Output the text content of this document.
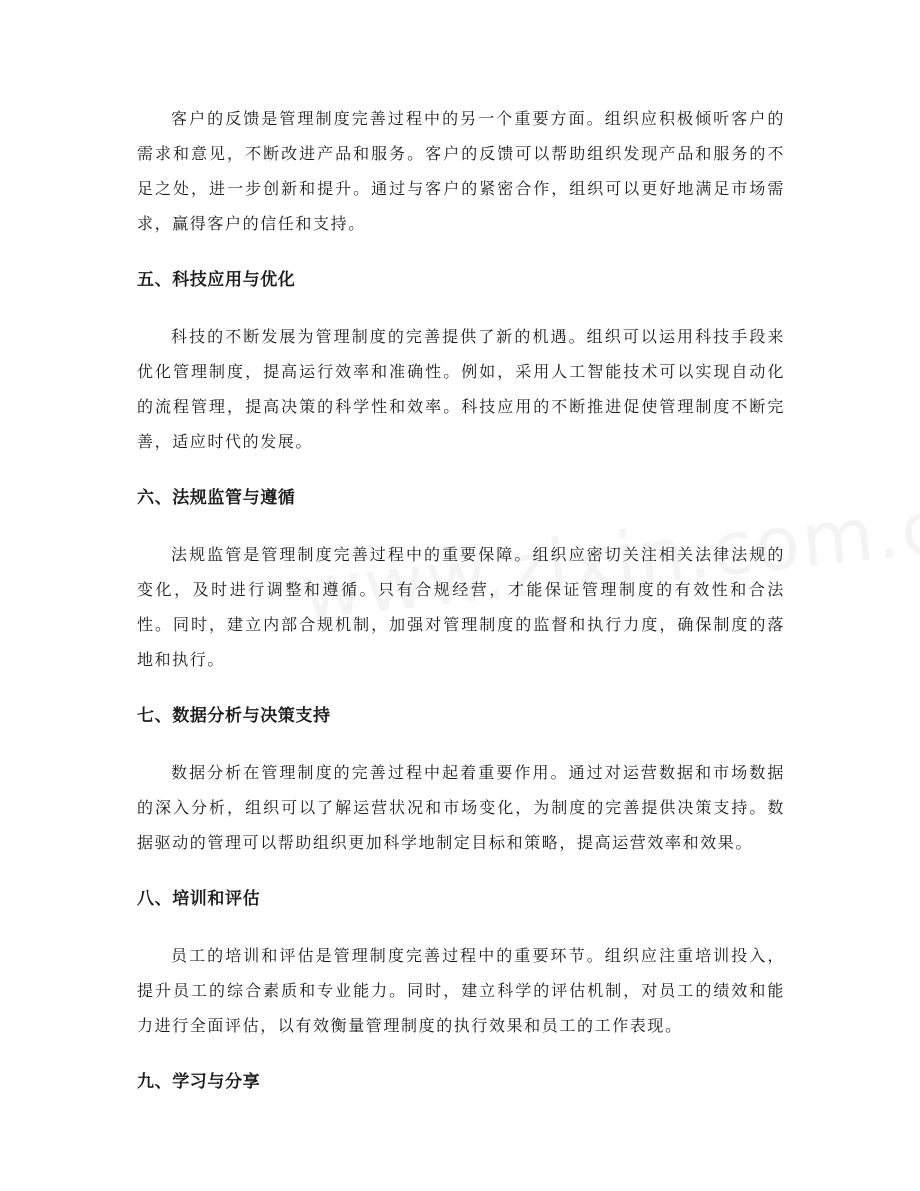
客户的反馈是管理制度完善过程中的另一个重要方面。组织应积极倾听客户的需求和意见，不断改进产品和服务。客户的反馈可以帮助组织发现产品和服务的不足之处，进一步创新和提升。通过与客户的紧密合作，组织可以更好地满足市场需求，赢得客户的信任和支持。

五、科技应用与优化

科技的不断发展为管理制度的完善提供了新的机遇。组织可以运用科技手段来优化管理制度，提高运行效率和准确性。例如，采用人工智能技术可以实现自动化的流程管理，提高决策的科学性和效率。科技应用的不断推进促使管理制度不断完善，适应时代的发展。

六、法规监管与遵循

法规监管是管理制度完善过程中的重要保障。组织应密切关注相关法律法规的变化，及时进行调整和遵循。只有合规经营，才能保证管理制度的有效性和合法性。同时，建立内部合规机制，加强对管理制度的监督和执行力度，确保制度的落地和执行。

七、数据分析与决策支持

数据分析在管理制度的完善过程中起着重要作用。通过对运营数据和市场数据的深入分析，组织可以了解运营状况和市场变化，为制度的完善提供决策支持。数据驱动的管理可以帮助组织更加科学地制定目标和策略，提高运营效率和效果。

八、培训和评估

员工的培训和评估是管理制度完善过程中的重要环节。组织应注重培训投入，提升员工的综合素质和专业能力。同时，建立科学的评估机制，对员工的绩效和能力进行全面评估，以有效衡量管理制度的执行效果和员工的工作表现。

九、学习与分享
